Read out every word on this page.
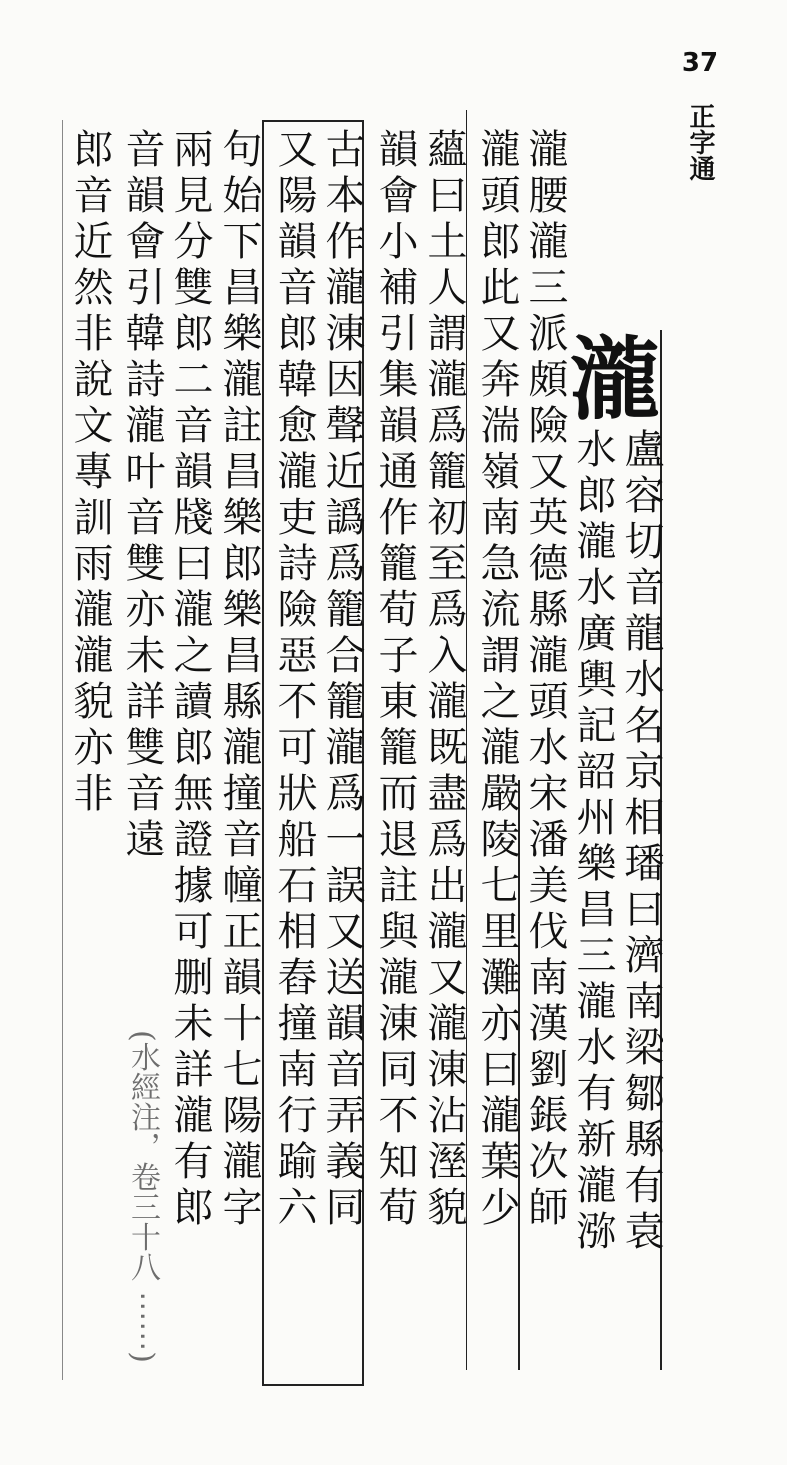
37
正字通
瀧
盧容切音龍水名京相璠曰濟南梁鄒縣有袁
水郎瀧水廣輿記韶州樂昌三瀧水有新瀧㳽
瀧腰瀧三派頗險又英德縣瀧頭水宋潘美伐南漢劉鋹次師
瀧頭郎此又奔湍嶺南急流謂之瀧嚴陵七里灘亦曰瀧葉少
蘊曰土人謂瀧爲籠初至爲入瀧既盡爲出瀧又瀧涷沾溼貌
韻會小補引集韻通作籠荀子東籠而退註與瀧涷同不知荀
古本作瀧涷因聲近譌爲籠合籠瀧爲一誤又送韻音弄義同
又陽韻音郎韓愈瀧吏詩險惡不可狀船石相舂撞南行踰六
句始下昌樂瀧註昌樂郎樂昌縣瀧撞音幢正韻十七陽瀧字
兩見分雙郎二音韻牋曰瀧之讀郎無證據可删未詳瀧有郎
音韻會引韓詩瀧叶音雙亦未詳雙音遠
郎音近然非說文專訓雨瀧瀧貌亦非
(水經注，卷三十八 ⋯⋯)
